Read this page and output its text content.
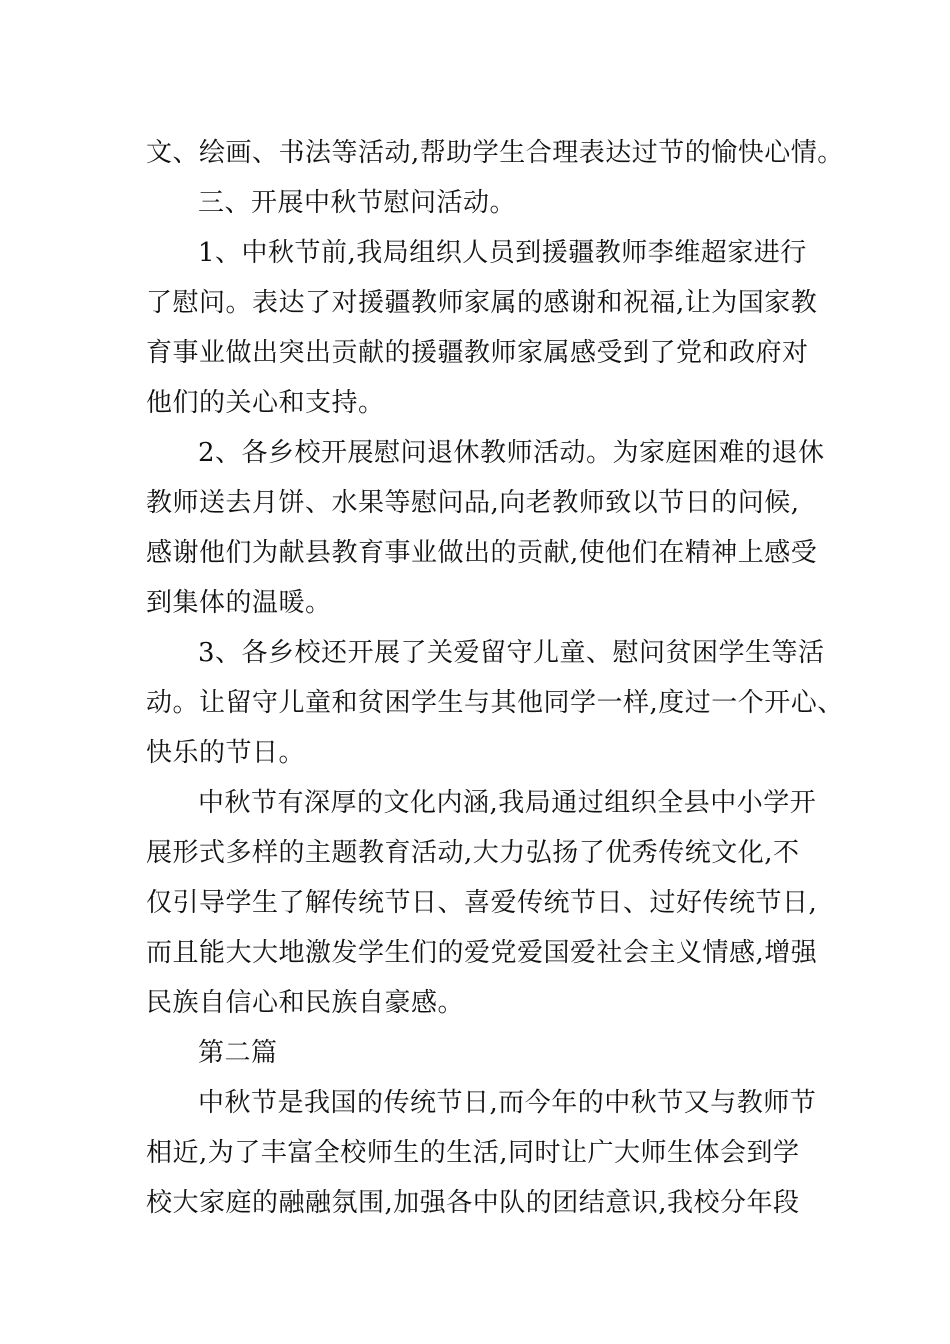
文、绘画、书法等活动,帮助学生合理表达过节的愉快心情。
三、开展中秋节慰问活动。
1、中秋节前,我局组织人员到援疆教师李维超家进行
了慰问。表达了对援疆教师家属的感谢和祝福,让为国家教
育事业做出突出贡献的援疆教师家属感受到了党和政府对
他们的关心和支持。
2、各乡校开展慰问退休教师活动。为家庭困难的退休
教师送去月饼、水果等慰问品,向老教师致以节日的问候,
感谢他们为献县教育事业做出的贡献,使他们在精神上感受
到集体的温暖。
3、各乡校还开展了关爱留守儿童、慰问贫困学生等活
动。让留守儿童和贫困学生与其他同学一样,度过一个开心、
快乐的节日。
中秋节有深厚的文化内涵,我局通过组织全县中小学开
展形式多样的主题教育活动,大力弘扬了优秀传统文化,不
仅引导学生了解传统节日、喜爱传统节日、过好传统节日,
而且能大大地激发学生们的爱党爱国爱社会主义情感,增强
民族自信心和民族自豪感。
第二篇
中秋节是我国的传统节日,而今年的中秋节又与教师节
相近,为了丰富全校师生的生活,同时让广大师生体会到学
校大家庭的融融氛围,加强各中队的团结意识,我校分年段
